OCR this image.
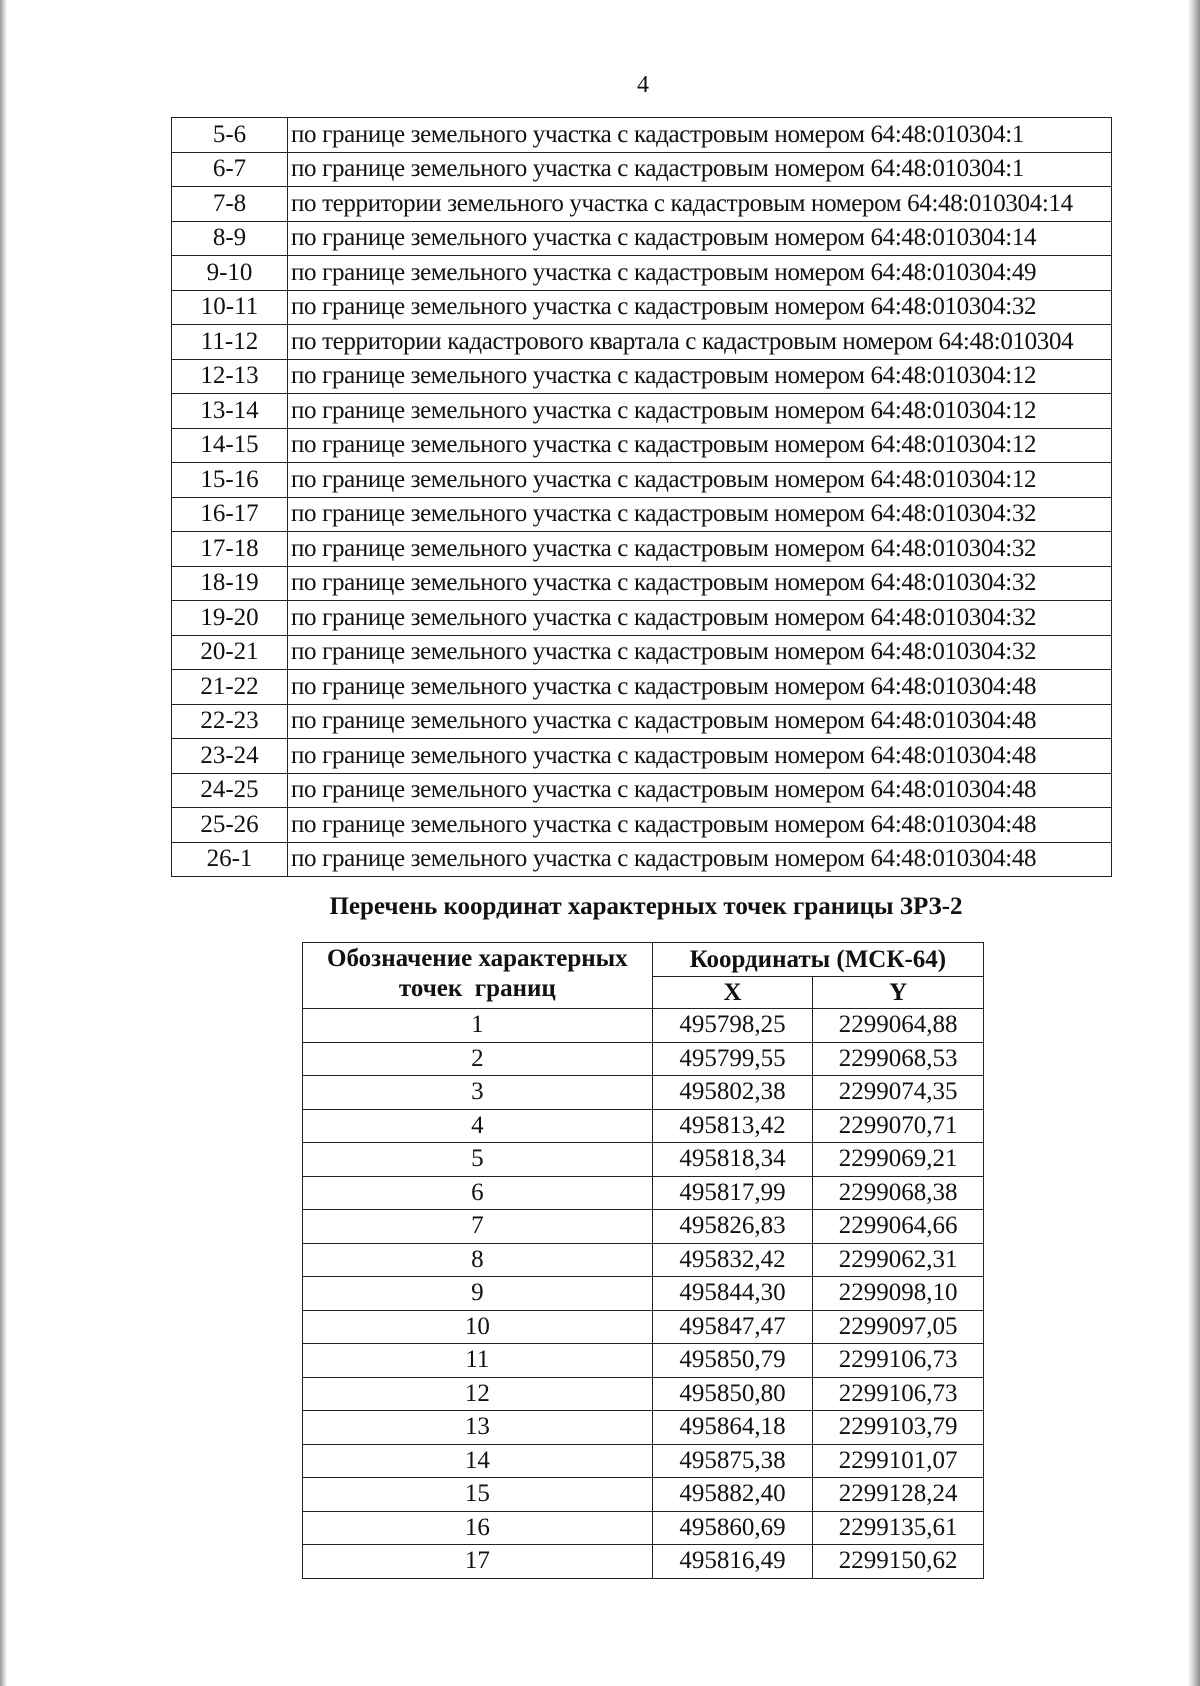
4
5-6	по границе земельного участка с кадастровым номером 64:48:010304:1
6-7	по границе земельного участка с кадастровым номером 64:48:010304:1
7-8	по территории земельного участка с кадастровым номером 64:48:010304:14
8-9	по границе земельного участка с кадастровым номером 64:48:010304:14
9-10	по границе земельного участка с кадастровым номером 64:48:010304:49
10-11	по границе земельного участка с кадастровым номером 64:48:010304:32
11-12	по территории кадастрового квартала с кадастровым номером 64:48:010304
12-13	по границе земельного участка с кадастровым номером 64:48:010304:12
13-14	по границе земельного участка с кадастровым номером 64:48:010304:12
14-15	по границе земельного участка с кадастровым номером 64:48:010304:12
15-16	по границе земельного участка с кадастровым номером 64:48:010304:12
16-17	по границе земельного участка с кадастровым номером 64:48:010304:32
17-18	по границе земельного участка с кадастровым номером 64:48:010304:32
18-19	по границе земельного участка с кадастровым номером 64:48:010304:32
19-20	по границе земельного участка с кадастровым номером 64:48:010304:32
20-21	по границе земельного участка с кадастровым номером 64:48:010304:32
21-22	по границе земельного участка с кадастровым номером 64:48:010304:48
22-23	по границе земельного участка с кадастровым номером 64:48:010304:48
23-24	по границе земельного участка с кадастровым номером 64:48:010304:48
24-25	по границе земельного участка с кадастровым номером 64:48:010304:48
25-26	по границе земельного участка с кадастровым номером 64:48:010304:48
26-1	по границе земельного участка с кадастровым номером 64:48:010304:48
Перечень координат характерных точек границы ЗРЗ-2
Обозначение характерных
точек  границ	Координаты (МСК-64)	
	X	Y
1	495798,25	2299064,88
2	495799,55	2299068,53
3	495802,38	2299074,35
4	495813,42	2299070,71
5	495818,34	2299069,21
6	495817,99	2299068,38
7	495826,83	2299064,66
8	495832,42	2299062,31
9	495844,30	2299098,10
10	495847,47	2299097,05
11	495850,79	2299106,73
12	495850,80	2299106,73
13	495864,18	2299103,79
14	495875,38	2299101,07
15	495882,40	2299128,24
16	495860,69	2299135,61
17	495816,49	2299150,62
